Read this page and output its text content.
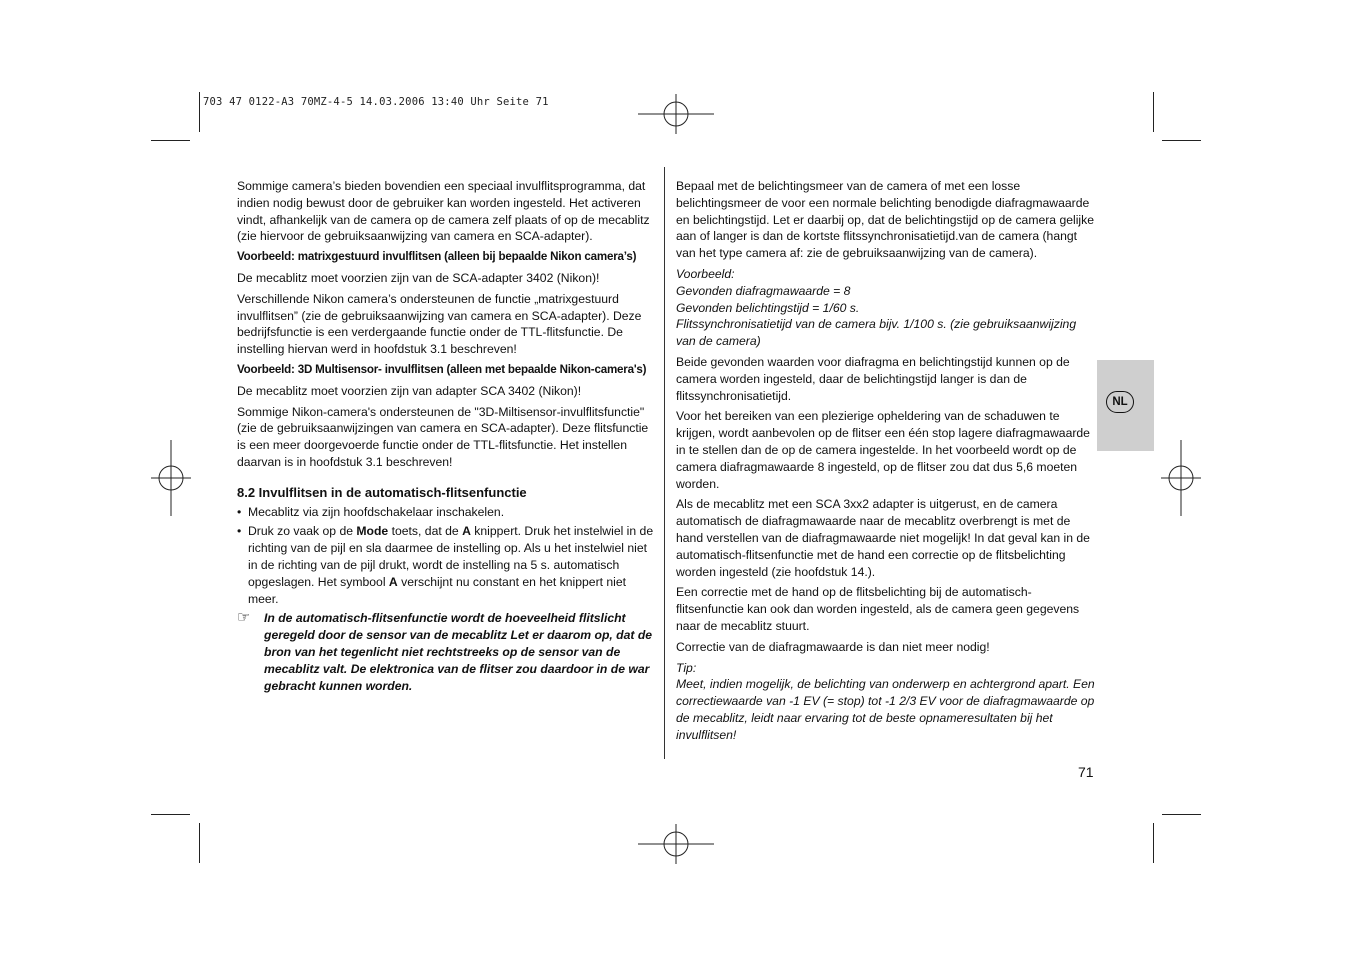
703 47 0122-A3 70MZ-4-5 14.03.2006 13:40 Uhr Seite 71

Sommige camera’s bieden bovendien een speciaal invulflitsprogramma, dat indien nodig bewust door de gebruiker kan worden ingesteld. Het activeren vindt, afhankelijk van de camera op de camera zelf plaats of op de mecablitz (zie hiervoor de gebruiksaanwijzing van camera en SCA-adapter).

Voorbeeld: matrixgestuurd invulflitsen (alleen bij bepaalde Nikon camera’s)

De mecablitz moet voorzien zijn van de SCA-adapter 3402 (Nikon)!

Verschillende Nikon camera’s ondersteunen de functie „matrixgestuurd invulflitsen” (zie de gebruiksaanwijzing van camera en SCA-adapter). Deze bedrijfsfunctie is een verdergaande functie onder de TTL-flitsfunctie. De instelling hiervan werd in hoofdstuk 3.1 beschreven!

Voorbeeld: 3D Multisensor- invulflitsen (alleen met bepaalde Nikon-camera's)

De mecablitz moet voorzien zijn van adapter SCA 3402 (Nikon)!

Sommige Nikon-camera's ondersteunen de "3D-Miltisensor-invulflitsfunctie" (zie de gebruiksaanwijzingen van camera en SCA-adapter). Deze flitsfunctie is een meer doorgevoerde functie onder de TTL-flitsfunctie. Het instellen daarvan is in hoofdstuk 3.1 beschreven!

8.2 Invulflitsen in de automatisch-flitsenfunctie
• Mecablitz via zijn hoofdschakelaar inschakelen.
• Druk zo vaak op de Mode toets, dat de A knippert. Druk het instelwiel in de richting van de pijl en sla daarmee de instelling op. Als u het instelwiel niet in de richting van de pijl drukt, wordt de instelling na 5 s. automatisch opgeslagen. Het symbool A verschijnt nu constant en het knippert niet meer.
☞	In de automatisch-flitsenfunctie wordt de hoeveelheid flitslicht geregeld door de sensor van de mecablitz Let er daarom op, dat de bron van het tegenlicht niet rechtstreeks op de sensor van de mecablitz valt. De elektronica van de flitser zou daardoor in de war gebracht kunnen worden.

Bepaal met de belichtingsmeer van de camera of met een losse belichtingsmeer de voor een normale belichting benodigde diafragmawaarde en belichtingstijd. Let er daarbij op, dat de belichtingstijd op de camera gelijke aan of langer is dan de kortste flitssynchronisatietijd.van de camera (hangt van het type camera af: zie de gebruiksaanwijzing van de camera).

Voorbeeld:
Gevonden diafragmawaarde = 8
Gevonden belichtingstijd = 1/60 s.
Flitssynchronisatietijd van de camera bijv. 1/100 s. (zie gebruiksaanwijzing van de camera)

Beide gevonden waarden voor diafragma en belichtingstijd kunnen op de camera worden ingesteld, daar de belichtingstijd langer is dan de flitssynchronisatietijd.

Voor het bereiken van een plezierige opheldering van de schaduwen te krijgen, wordt aanbevolen op de flitser een één stop lagere diafragmawaarde in te stellen dan de op de camera ingestelde. In het voorbeeld wordt op de camera diafragmawaarde 8 ingesteld, op de flitser zou dat dus 5,6 moeten worden.

Als de mecablitz met een SCA 3xx2 adapter is uitgerust, en de camera automatisch de diafragmawaarde naar de mecablitz overbrengt is met de hand verstellen van de diafragmawaarde niet mogelijk! In dat geval kan in de automatisch-flitsenfunctie met de hand een correctie op de flitsbelichting worden ingesteld (zie hoofdstuk 14.).

Een correctie met de hand op de flitsbelichting bij de automatisch-flitsenfunctie kan ook dan worden ingesteld, als de camera geen gegevens naar de mecablitz stuurt.

Correctie van de diafragmawaarde is dan niet meer nodig!

Tip:
Meet, indien mogelijk, de belichting van onderwerp en achtergrond apart. Een correctiewaarde van -1 EV (= stop) tot -1 2/3 EV voor de diafragmawaarde op de mecablitz, leidt naar ervaring tot de beste opnameresultaten bij het invulflitsen!
NL
71
